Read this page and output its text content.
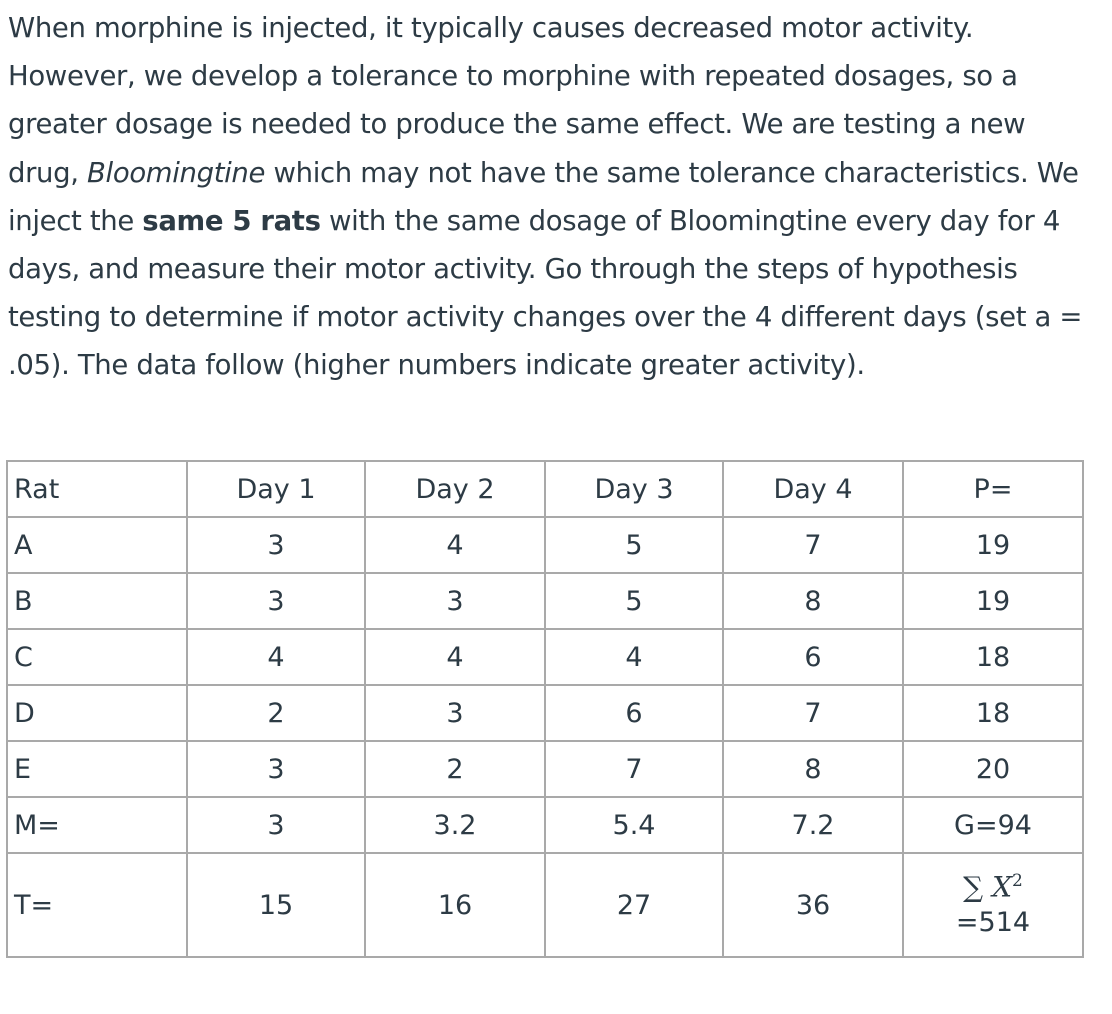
When morphine is injected, it typically causes decreased motor activity. However, we develop a tolerance to morphine with repeated dosages, so a greater dosage is needed to produce the same effect. We are testing a new drug, Bloomingtine which may not have the same tolerance characteristics. We inject the same 5 rats with the same dosage of Bloomingtine every day for 4 days, and measure their motor activity. Go through the steps of hypothesis testing to determine if motor activity changes over the 4 different days (set a = .05). The data follow (higher numbers indicate greater activity).

Rat	Day 1	Day 2	Day 3	Day 4	P=
A	3	4	5	7	19
B	3	3	5	8	19
C	4	4	4	6	18
D	2	3	6	7	18
E	3	2	7	8	20
M=	3	3.2	5.4	7.2	G=94
T=	15	16	27	36	∑ $X^2$
=514
